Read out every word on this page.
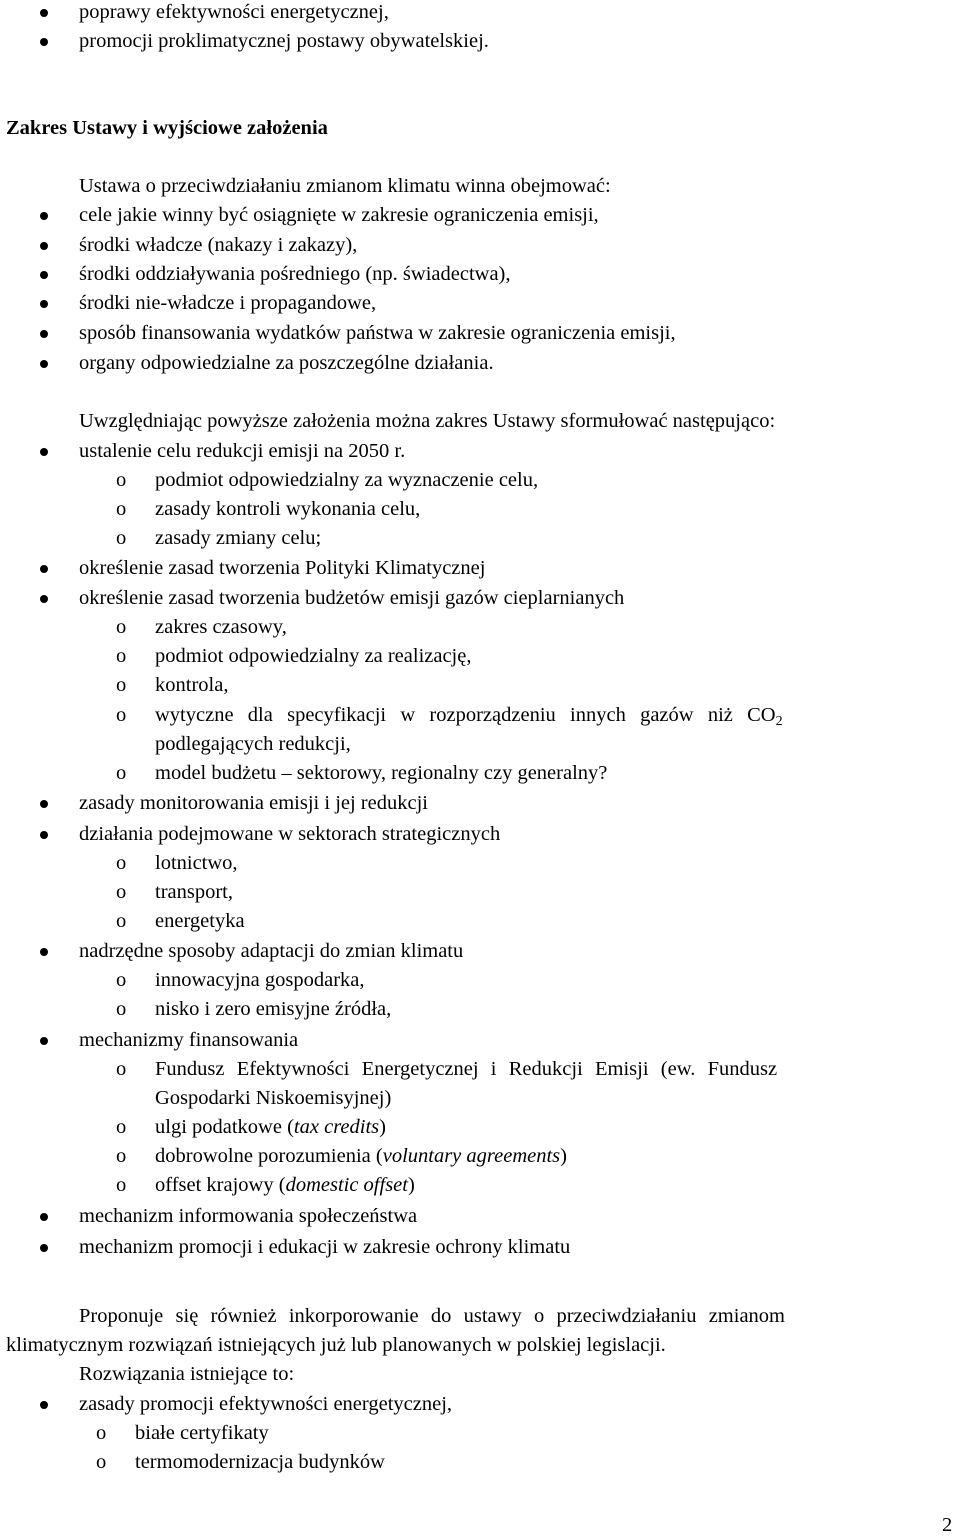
poprawy efektywności energetycznej,
promocji proklimatycznej postawy obywatelskiej.
Zakres Ustawy i wyjściowe założenia
Ustawa o przeciwdziałaniu zmianom klimatu winna obejmować:
cele jakie winny być osiągnięte w zakresie ograniczenia emisji,
środki władcze (nakazy i zakazy),
środki oddziaływania pośredniego (np. świadectwa),
środki nie-władcze i propagandowe,
sposób finansowania wydatków państwa w zakresie ograniczenia emisji,
organy odpowiedzialne za poszczególne działania.
Uwzględniając powyższe założenia można zakres Ustawy sformułować następująco:
ustalenie celu redukcji emisji na 2050 r.
o podmiot odpowiedzialny za wyznaczenie celu,
o zasady kontroli wykonania celu,
o zasady zmiany celu;
określenie zasad tworzenia Polityki Klimatycznej
określenie zasad tworzenia budżetów emisji gazów cieplarnianych
o zakres czasowy,
o podmiot odpowiedzialny za realizację,
o kontrola,
o wytyczne  dla  specyfikacji  w  rozporządzeniu  innych  gazów  niż  $CO_2$
podlegających redukcji,
o model budżetu – sektorowy, regionalny czy generalny?
zasady monitorowania emisji i jej redukcji
działania podejmowane w sektorach strategicznych
o lotnictwo,
o transport,
o energetyka
nadrzędne sposoby adaptacji do zmian klimatu
o innowacyjna gospodarka,
o nisko i zero emisyjne źródła,
mechanizmy finansowania
o Fundusz  Efektywności  Energetycznej  i  Redukcji  Emisji  (ew.  Fundusz
Gospodarki Niskoemisyjnej)
o ulgi podatkowe (tax credits)
o dobrowolne porozumienia (voluntary agreements)
o offset krajowy (domestic offset)
mechanizm informowania społeczeństwa
mechanizm promocji i edukacji w zakresie ochrony klimatu
Proponuje  się  również  inkorporowanie  do  ustawy  o  przeciwdziałaniu  zmianom
klimatycznym rozwiązań istniejących już lub planowanych w polskiej legislacji.
Rozwiązania istniejące to:
zasady promocji efektywności energetycznej,
o białe certyfikaty
o termomodernizacja budynków
2
